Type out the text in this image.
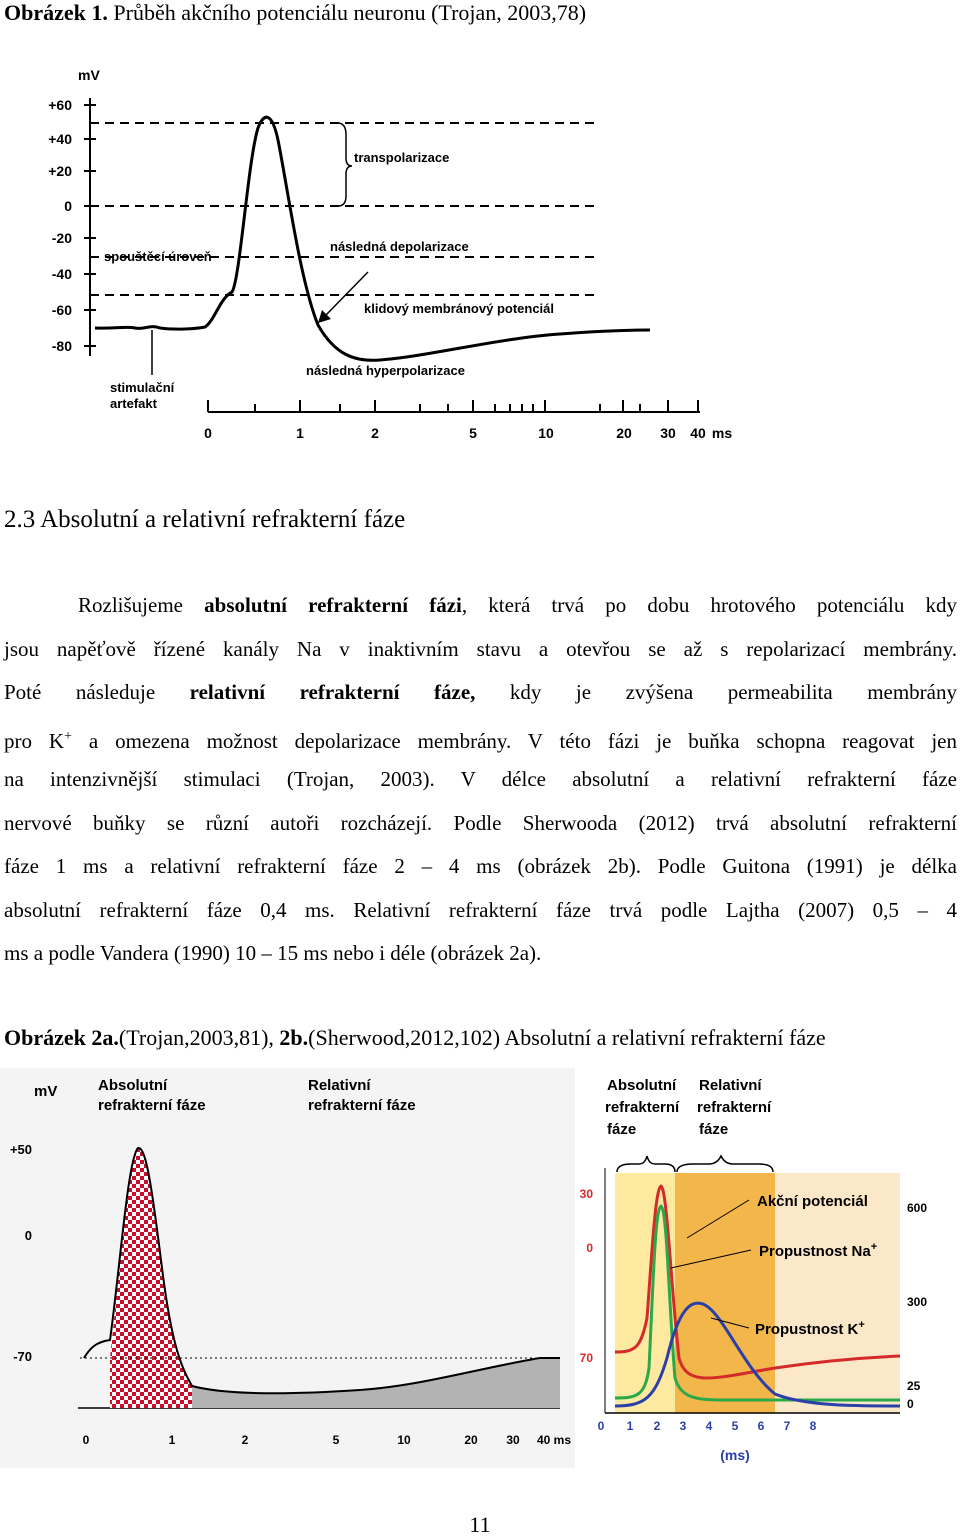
Obrázek 1. Průběh akčního potenciálu neuronu (Trojan, 2003,78)
mV
+60
+40
+20
0
-20
-40
-60
-80
transpolarizace
spouštěcí úroveň
následná depolarizace
klidový membránový potenciál
následná hyperpolarizace
stimulační
artefakt
0	1	2	5	10	20 30 40 ms
2.3 Absolutní a relativní refrakterní fáze
Rozlišujeme absolutní refrakterní fázi, která trvá po dobu hrotového potenciálu kdy
jsou napěťově řízené kanály Na v inaktivním stavu a otevřou se až s repolarizací membrány.
Poté následuje relativní refrakterní fáze, kdy je zvýšena permeabilita membrány
pro K+ a omezena možnost depolarizace membrány. V této fázi je buňka schopna reagovat jen
na intenzivnější stimulaci (Trojan, 2003). V délce absolutní a relativní refrakterní fáze
nervové buňky se různí autoři rozcházejí. Podle Sherwooda (2012) trvá absolutní refrakterní
fáze 1 ms a relativní refrakterní fáze 2 – 4 ms (obrázek 2b). Podle Guitona (1991) je délka
absolutní refrakterní fáze 0,4 ms. Relativní refrakterní fáze trvá podle Lajtha (2007) 0,5 – 4
ms a podle Vandera (1990) 10 – 15 ms nebo i déle (obrázek 2a).
Obrázek 2a.(Trojan,2003,81), 2b.(Sherwood,2012,102) Absolutní a relativní refrakterní fáze
mV	Absolutní
refrakterní fáze
Relativní
refrakterní fáze
+50
0
-70
0	1	2	5	10	20 30 40 ms
Absolutní
refrakterní
fáze
Relativní
refrakterní
fáze
30
0
70
600
300
25
0
Akční potenciál
Propustnost Na+
Propustnost K+
0 1 2 3 4 5 6 7 8
(ms)
11
